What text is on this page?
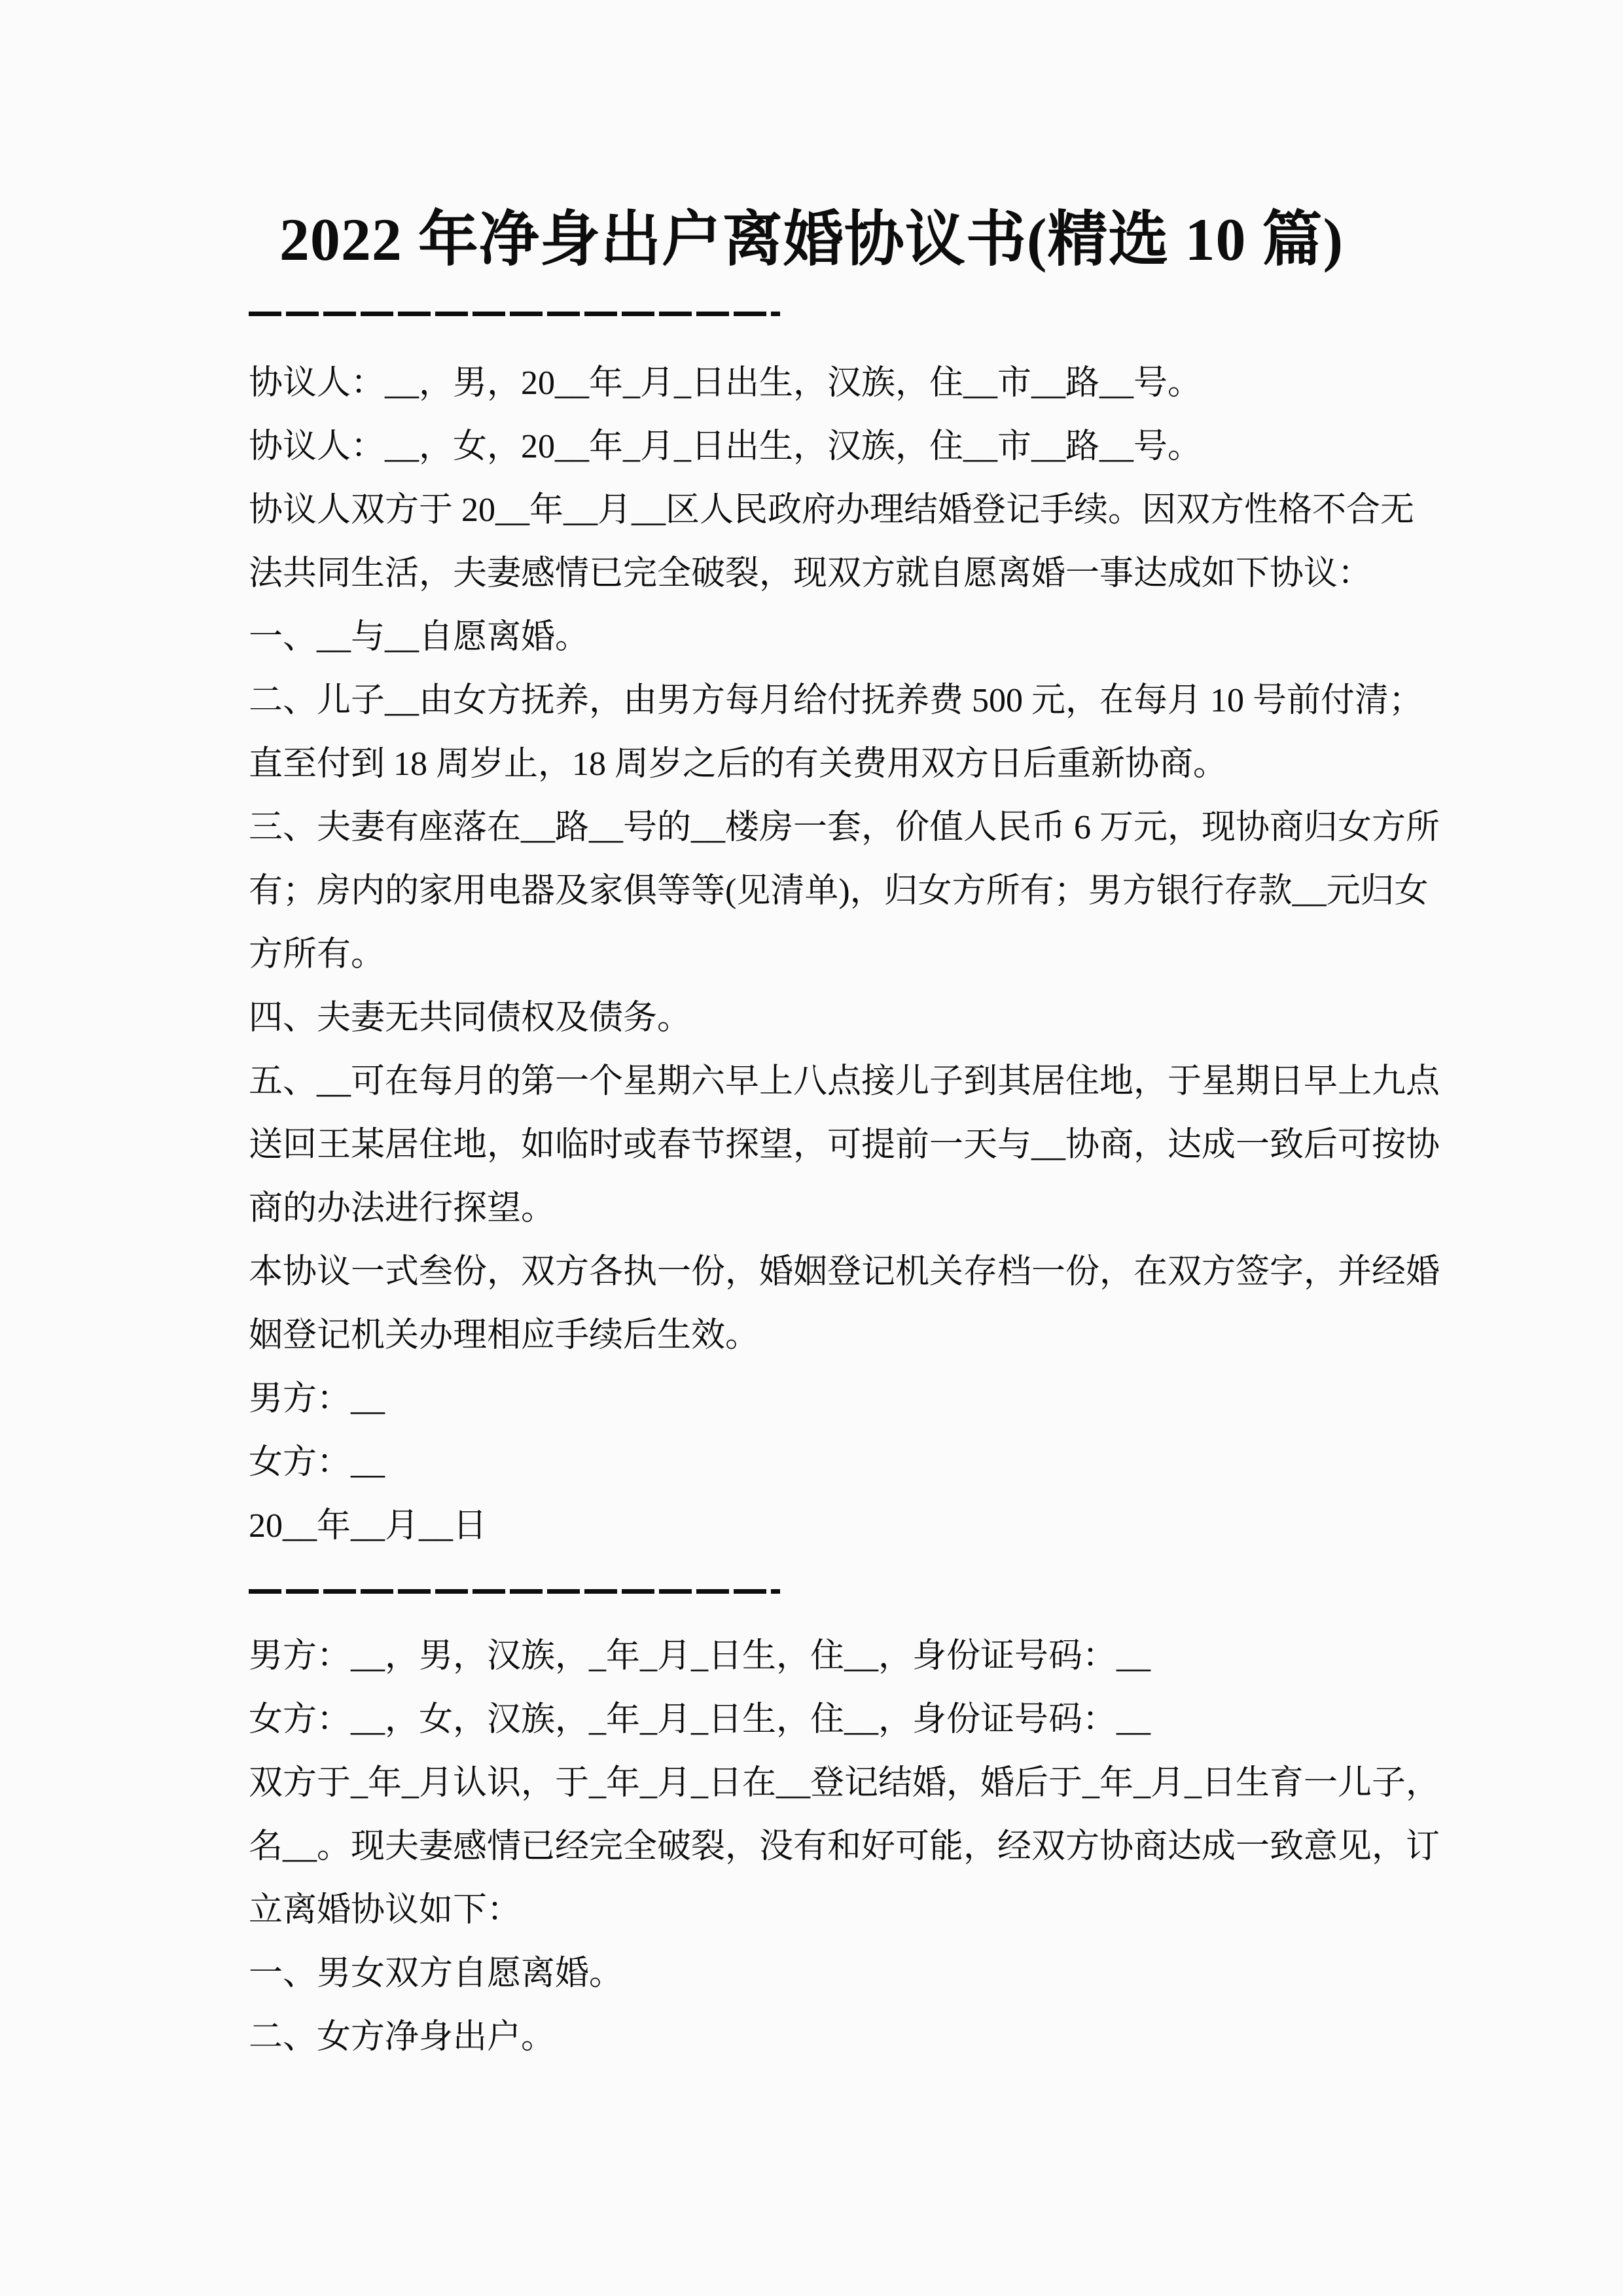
2022 年净身出户离婚协议书(精选 10 篇)
协议人：__，男，20__年_月_日出生，汉族，住__市__路__号。
协议人：__，女，20__年_月_日出生，汉族，住__市__路__号。
协议人双方于 20__年__月__区人民政府办理结婚登记手续。因双方性格不合无
法共同生活，夫妻感情已完全破裂，现双方就自愿离婚一事达成如下协议：
一、__与__自愿离婚。
二、儿子__由女方抚养，由男方每月给付抚养费 500 元，在每月 10 号前付清；
直至付到 18 周岁止，18 周岁之后的有关费用双方日后重新协商。
三、夫妻有座落在__路__号的__楼房一套，价值人民币 6 万元，现协商归女方所
有；房内的家用电器及家俱等等(见清单)，归女方所有；男方银行存款__元归女
方所有。
四、夫妻无共同债权及债务。
五、__可在每月的第一个星期六早上八点接儿子到其居住地，于星期日早上九点
送回王某居住地，如临时或春节探望，可提前一天与__协商，达成一致后可按协
商的办法进行探望。
本协议一式叁份，双方各执一份，婚姻登记机关存档一份，在双方签字，并经婚
姻登记机关办理相应手续后生效。
男方：__
女方：__
20__年__月__日
男方：__，男，汉族，_年_月_日生，住__，身份证号码：__
女方：__，女，汉族，_年_月_日生，住__，身份证号码：__
双方于_年_月认识，于_年_月_日在__登记结婚，婚后于_年_月_日生育一儿子，
名__。现夫妻感情已经完全破裂，没有和好可能，经双方协商达成一致意见，订
立离婚协议如下：
一、男女双方自愿离婚。
二、女方净身出户。
